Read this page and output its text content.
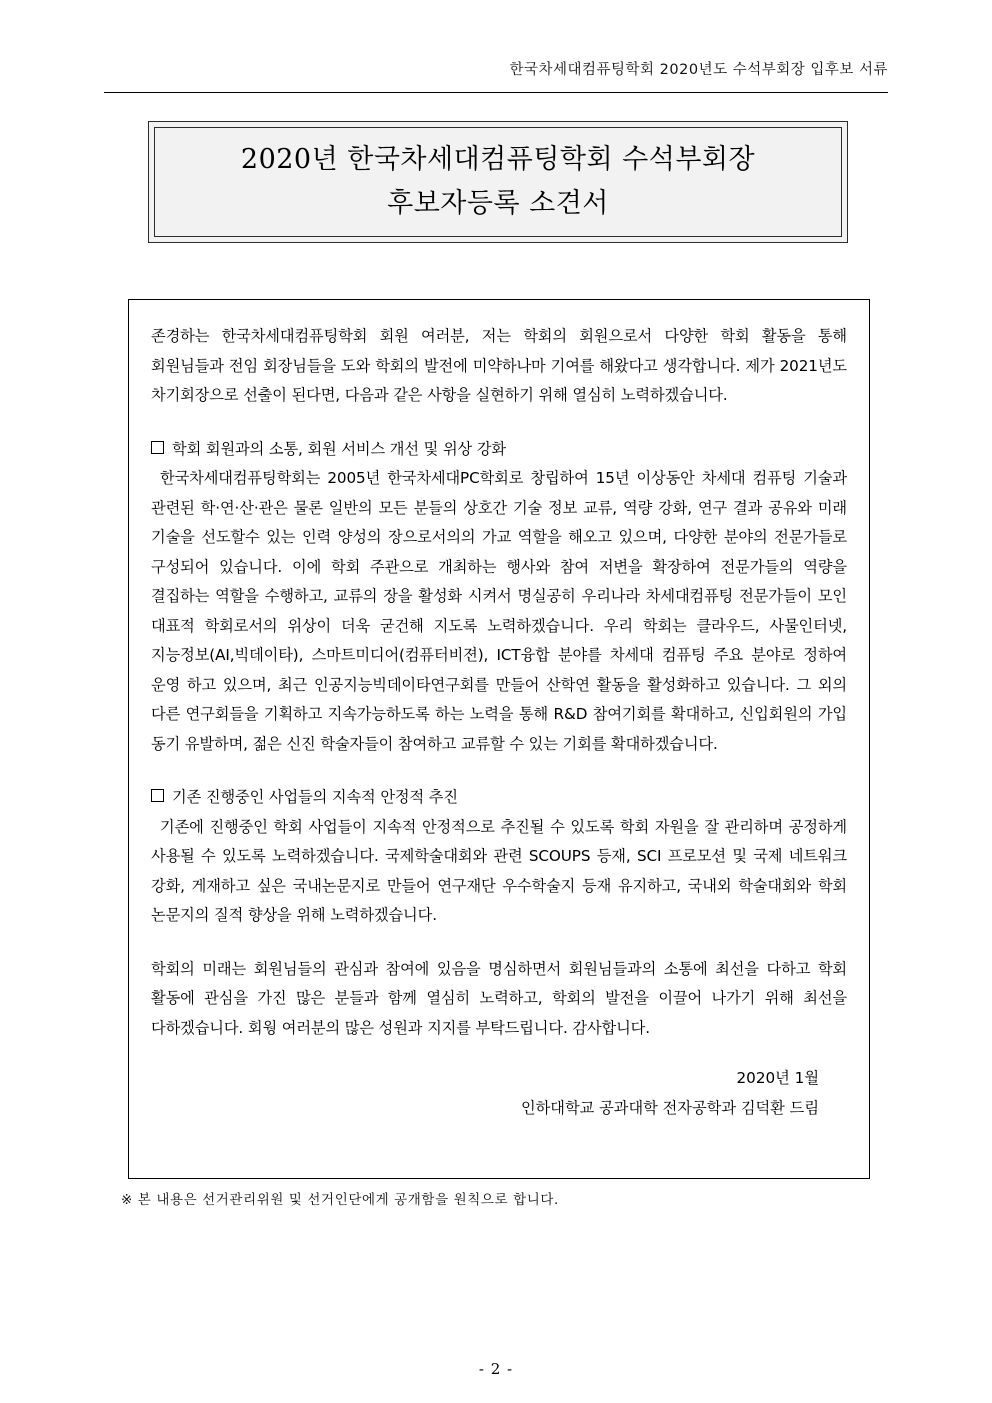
한국차세대컴퓨팅학회 2020년도 수석부회장 입후보 서류
2020년 한국차세대컴퓨팅학회 수석부회장
후보자등록 소견서

존경하는 한국차세대컴퓨팅학회 회원 여러분, 저는 학회의 회원으로서 다양한 학회 활동을 통해 회원님들과 전임 회장님들을 도와 학회의 발전에 미약하나마 기여를 해왔다고 생각합니다. 제가 2021년도 차기회장으로 선출이 된다면, 다음과 같은 사항을 실현하기 위해 열심히 노력하겠습니다.

학회 회원과의 소통, 회원 서비스 개선 및 위상 강화

한국차세대컴퓨팅학회는 2005년 한국차세대PC학회로 창립하여 15년 이상동안 차세대 컴퓨팅 기술과 관련된 학·연·산·관은 물론 일반의 모든 분들의 상호간 기술 정보 교류, 역량 강화, 연구 결과 공유와 미래 기술을 선도할수 있는 인력 양성의 장으로서의의 가교 역할을 해오고 있으며, 다양한 분야의 전문가들로 구성되어 있습니다. 이에 학회 주관으로 개최하는 행사와 참여 저변을 확장하여 전문가들의 역량을 결집하는 역할을 수행하고, 교류의 장을 활성화 시켜서 명실공히 우리나라 차세대컴퓨팅 전문가들이 모인 대표적 학회로서의 위상이 더욱 굳건해 지도록 노력하겠습니다. 우리 학회는 클라우드, 사물인터넷, 지능정보(AI,빅데이타), 스마트미디어(컴퓨터비젼), ICT융합 분야를 차세대 컴퓨팅 주요 분야로 정하여 운영 하고 있으며, 최근 인공지능빅데이타연구회를 만들어 산학연 활동을 활성화하고 있습니다. 그 외의 다른 연구회들을 기획하고 지속가능하도록 하는 노력을 통해 R&D 참여기회를 확대하고, 신입회원의 가입 동기 유발하며, 젊은 신진 학술자들이 참여하고 교류할 수 있는 기회를 확대하겠습니다.

기존 진행중인 사업들의 지속적 안정적 추진

기존에 진행중인 학회 사업들이 지속적 안정적으로 추진될 수 있도록 학회 자원을 잘 관리하며 공정하게 사용될 수 있도록 노력하겠습니다. 국제학술대회와 관련 SCOUPS 등재, SCI 프로모션 및 국제 네트워크 강화, 게재하고 싶은 국내논문지로 만들어 연구재단 우수학술지 등재 유지하고, 국내외 학술대회와 학회 논문지의 질적 향상을 위해 노력하겠습니다.

학회의 미래는 회원님들의 관심과 참여에 있음을 명심하면서 회원님들과의 소통에 최선을 다하고 학회 활동에 관심을 가진 많은 분들과 함께 열심히 노력하고, 학회의 발전을 이끌어 나가기 위해 최선을 다하겠습니다. 회웡 여러분의 많은 성원과 지지를 부탁드립니다. 감사합니다.

2020년 1월
인하대학교 공과대학 전자공학과 김덕환 드림
※ 본 내용은 선거관리위원 및 선거인단에게 공개함을 원칙으로 합니다.
- 2 -
